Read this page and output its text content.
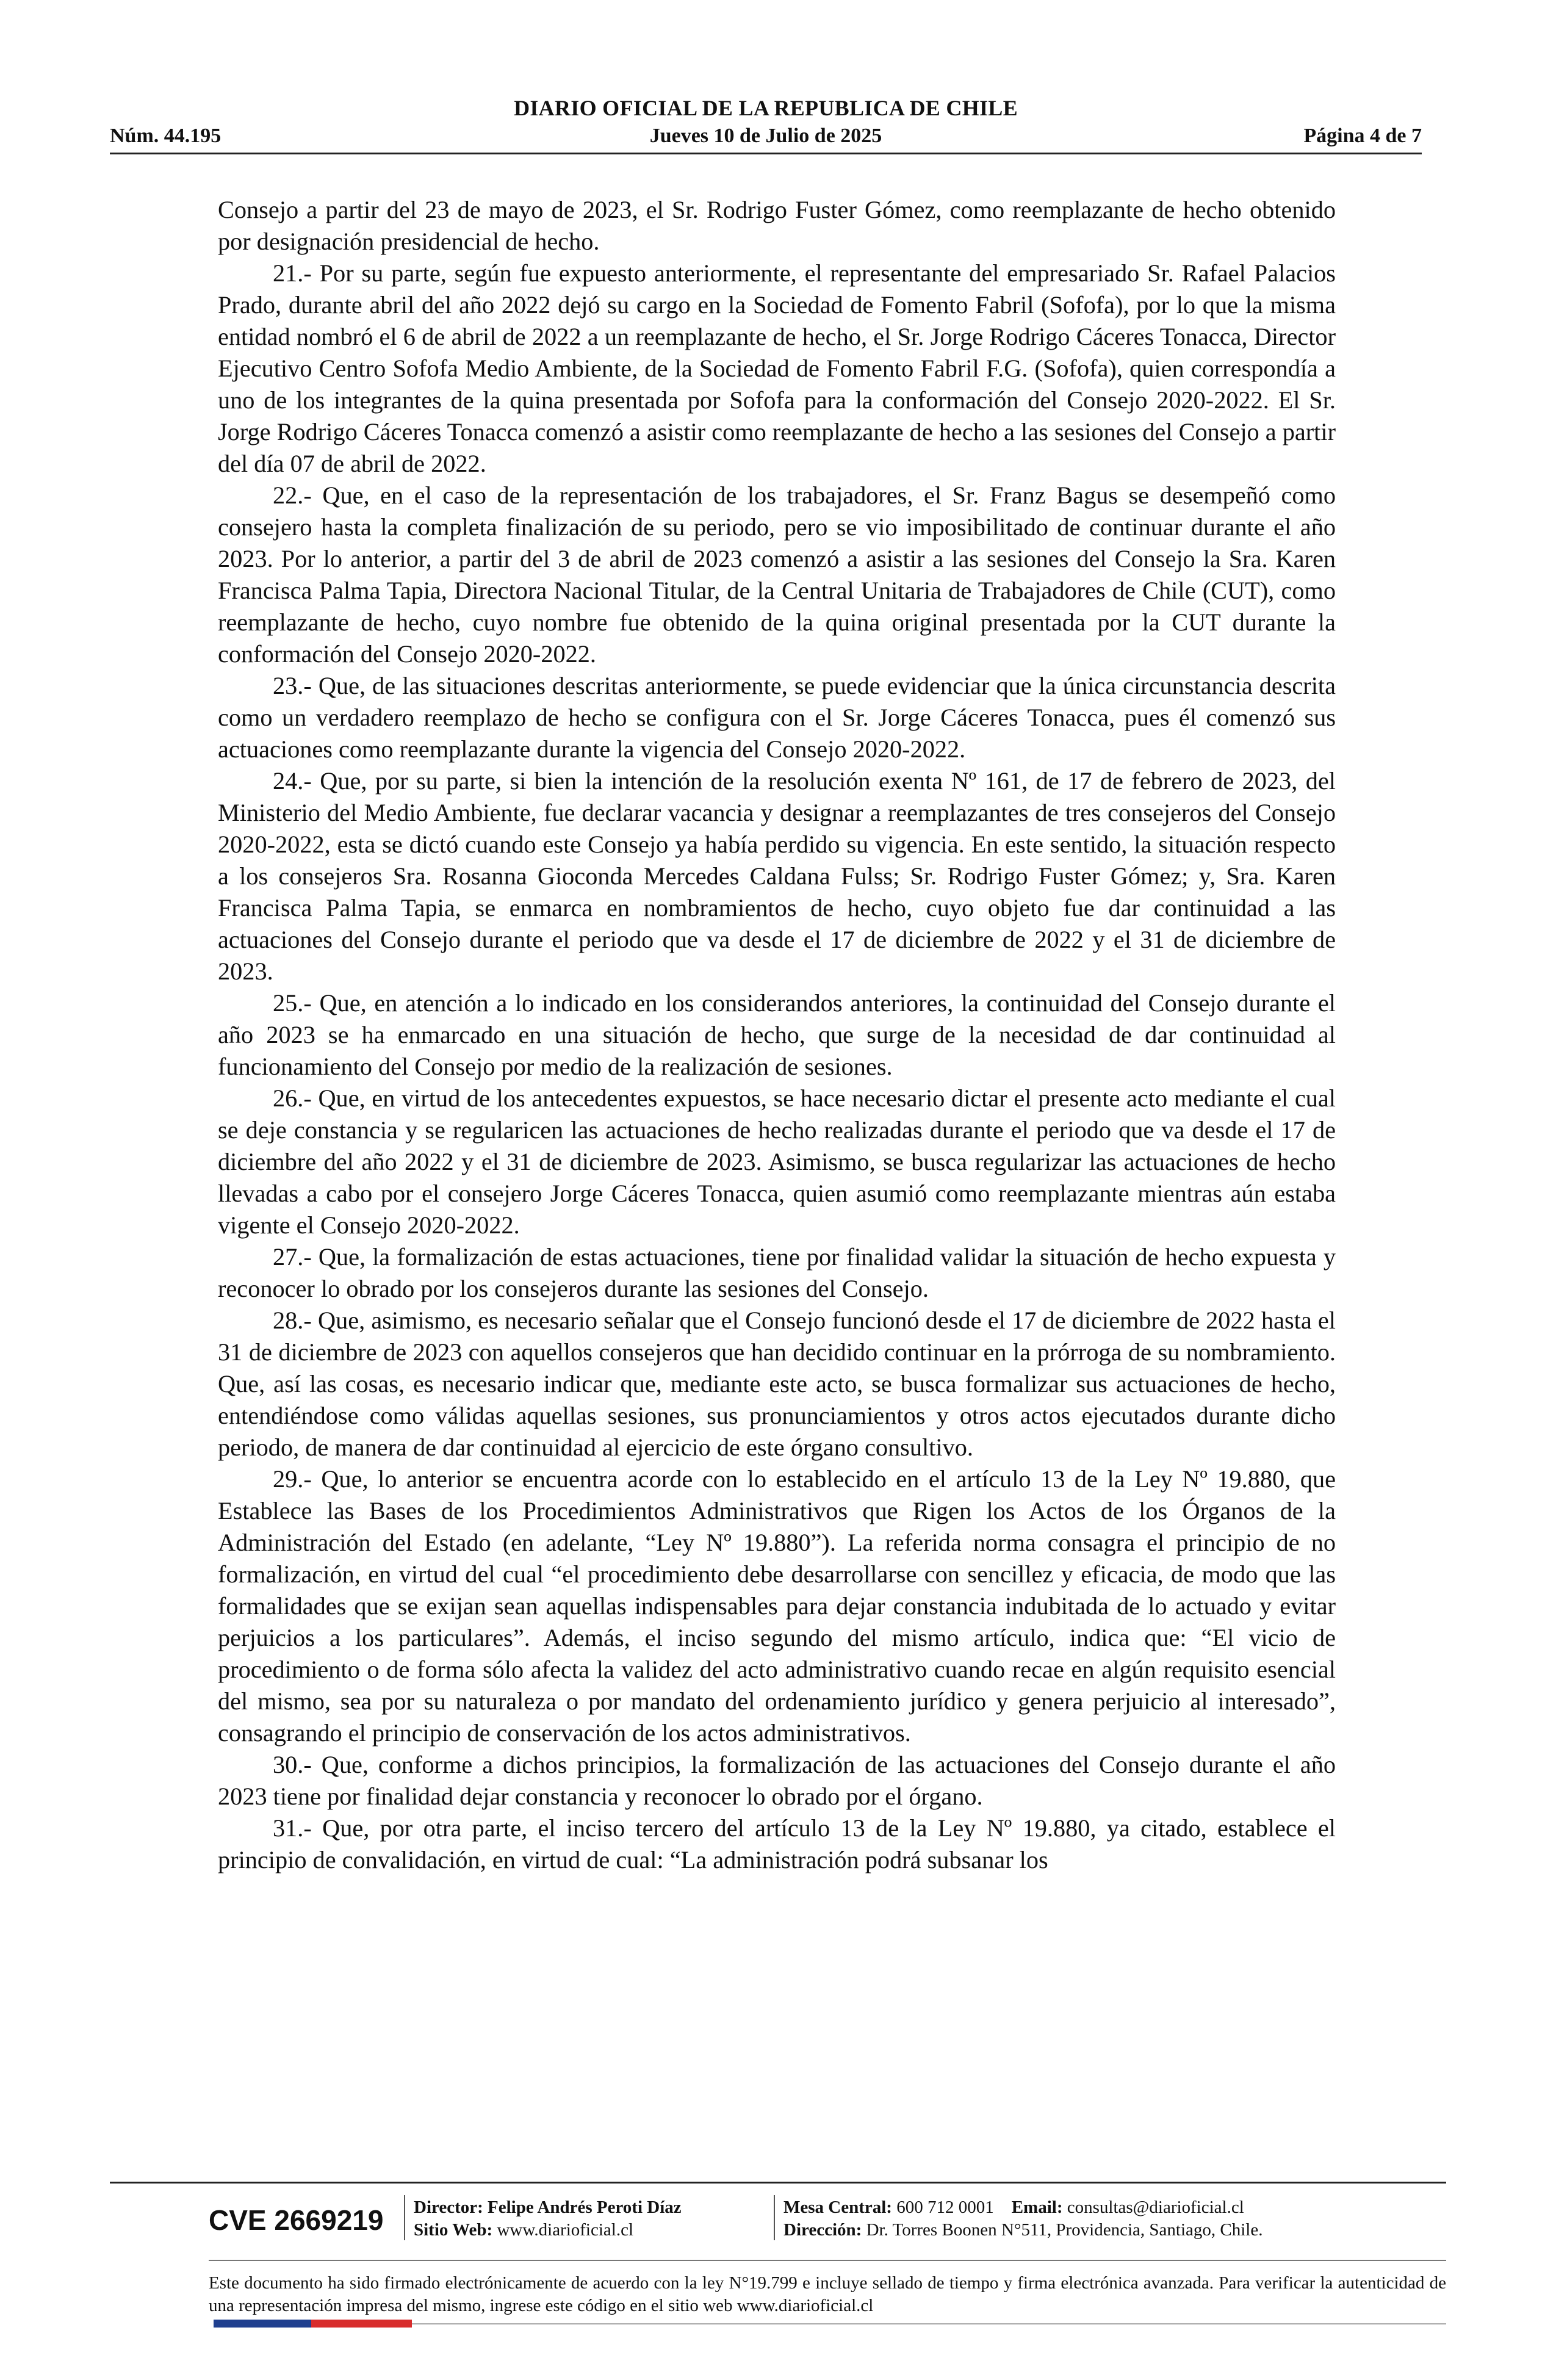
DIARIO OFICIAL DE LA REPUBLICA DE CHILE
Núm. 44.195	Jueves 10 de Julio de 2025	Página 4 de 7

Consejo a partir del 23 de mayo de 2023, el Sr. Rodrigo Fuster Gómez, como reemplazante de hecho obtenido por designación presidencial de hecho.

21.- Por su parte, según fue expuesto anteriormente, el representante del empresariado Sr. Rafael Palacios Prado, durante abril del año 2022 dejó su cargo en la Sociedad de Fomento Fabril (Sofofa), por lo que la misma entidad nombró el 6 de abril de 2022 a un reemplazante de hecho, el Sr. Jorge Rodrigo Cáceres Tonacca, Director Ejecutivo Centro Sofofa Medio Ambiente, de la Sociedad de Fomento Fabril F.G. (Sofofa), quien correspondía a uno de los integrantes de la quina presentada por Sofofa para la conformación del Consejo 2020-2022. El Sr. Jorge Rodrigo Cáceres Tonacca comenzó a asistir como reemplazante de hecho a las sesiones del Consejo a partir del día 07 de abril de 2022.

22.- Que, en el caso de la representación de los trabajadores, el Sr. Franz Bagus se desempeñó como consejero hasta la completa finalización de su periodo, pero se vio imposibilitado de continuar durante el año 2023. Por lo anterior, a partir del 3 de abril de 2023 comenzó a asistir a las sesiones del Consejo la Sra. Karen Francisca Palma Tapia, Directora Nacional Titular, de la Central Unitaria de Trabajadores de Chile (CUT), como reemplazante de hecho, cuyo nombre fue obtenido de la quina original presentada por la CUT durante la conformación del Consejo 2020-2022.

23.- Que, de las situaciones descritas anteriormente, se puede evidenciar que la única circunstancia descrita como un verdadero reemplazo de hecho se configura con el Sr. Jorge Cáceres Tonacca, pues él comenzó sus actuaciones como reemplazante durante la vigencia del Consejo 2020-2022.

24.- Que, por su parte, si bien la intención de la resolución exenta Nº 161, de 17 de febrero de 2023, del Ministerio del Medio Ambiente, fue declarar vacancia y designar a reemplazantes de tres consejeros del Consejo 2020-2022, esta se dictó cuando este Consejo ya había perdido su vigencia. En este sentido, la situación respecto a los consejeros Sra. Rosanna Gioconda Mercedes Caldana Fulss; Sr. Rodrigo Fuster Gómez; y, Sra. Karen Francisca Palma Tapia, se enmarca en nombramientos de hecho, cuyo objeto fue dar continuidad a las actuaciones del Consejo durante el periodo que va desde el 17 de diciembre de 2022 y el 31 de diciembre de 2023.

25.- Que, en atención a lo indicado en los considerandos anteriores, la continuidad del Consejo durante el año 2023 se ha enmarcado en una situación de hecho, que surge de la necesidad de dar continuidad al funcionamiento del Consejo por medio de la realización de sesiones.

26.- Que, en virtud de los antecedentes expuestos, se hace necesario dictar el presente acto mediante el cual se deje constancia y se regularicen las actuaciones de hecho realizadas durante el periodo que va desde el 17 de diciembre del año 2022 y el 31 de diciembre de 2023. Asimismo, se busca regularizar las actuaciones de hecho llevadas a cabo por el consejero Jorge Cáceres Tonacca, quien asumió como reemplazante mientras aún estaba vigente el Consejo 2020-2022.

27.- Que, la formalización de estas actuaciones, tiene por finalidad validar la situación de hecho expuesta y reconocer lo obrado por los consejeros durante las sesiones del Consejo.

28.- Que, asimismo, es necesario señalar que el Consejo funcionó desde el 17 de diciembre de 2022 hasta el 31 de diciembre de 2023 con aquellos consejeros que han decidido continuar en la prórroga de su nombramiento. Que, así las cosas, es necesario indicar que, mediante este acto, se busca formalizar sus actuaciones de hecho, entendiéndose como válidas aquellas sesiones, sus pronunciamientos y otros actos ejecutados durante dicho periodo, de manera de dar continuidad al ejercicio de este órgano consultivo.

29.- Que, lo anterior se encuentra acorde con lo establecido en el artículo 13 de la Ley Nº 19.880, que Establece las Bases de los Procedimientos Administrativos que Rigen los Actos de los Órganos de la Administración del Estado (en adelante, “Ley Nº 19.880”). La referida norma consagra el principio de no formalización, en virtud del cual “el procedimiento debe desarrollarse con sencillez y eficacia, de modo que las formalidades que se exijan sean aquellas indispensables para dejar constancia indubitada de lo actuado y evitar perjuicios a los particulares”. Además, el inciso segundo del mismo artículo, indica que: “El vicio de procedimiento o de forma sólo afecta la validez del acto administrativo cuando recae en algún requisito esencial del mismo, sea por su naturaleza o por mandato del ordenamiento jurídico y genera perjuicio al interesado”, consagrando el principio de conservación de los actos administrativos.

30.- Que, conforme a dichos principios, la formalización de las actuaciones del Consejo durante el año 2023 tiene por finalidad dejar constancia y reconocer lo obrado por el órgano.

31.- Que, por otra parte, el inciso tercero del artículo 13 de la Ley Nº 19.880, ya citado, establece el principio de convalidación, en virtud de cual: “La administración podrá subsanar los

CVE 2669219	Director: Felipe Andrés Peroti Díaz
Sitio Web: www.diarioficial.cl
Mesa Central: 600 712 0001 Email: consultas@diarioficial.cl
Dirección: Dr. Torres Boonen N°511, Providencia, Santiago, Chile.
Este documento ha sido firmado electrónicamente de acuerdo con la ley N°19.799 e incluye sellado de tiempo y firma electrónica avanzada. Para verificar la autenticidad de una representación impresa del mismo, ingrese este código en el sitio web www.diarioficial.cl
